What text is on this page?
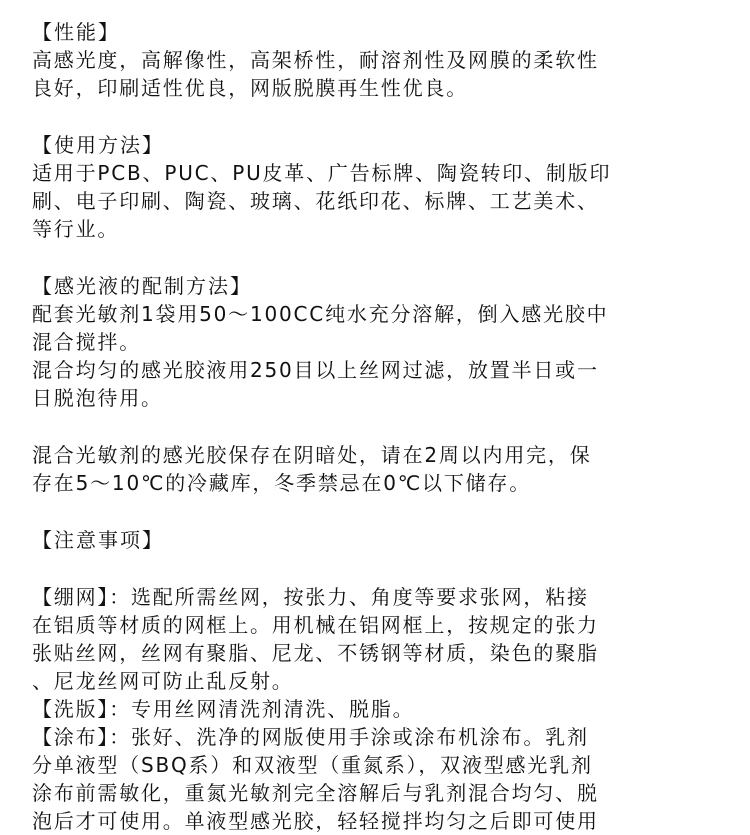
【性能】
高感光度，高解像性，高架桥性，耐溶剂性及网膜的柔软性
良好，印刷适性优良，网版脱膜再生性优良。
【使用方法】
适用于PCB、PUC、PU皮革、广告标牌、陶瓷转印、制版印
刷、电子印刷、陶瓷、玻璃、花纸印花、标牌、工艺美术、
等行业。
【感光液的配制方法】
配套光敏剂1袋用50～100CC纯水充分溶解，倒入感光胶中
混合搅拌。
混合均匀的感光胶液用250目以上丝网过滤，放置半日或一
日脱泡待用。
混合光敏剂的感光胶保存在阴暗处，请在2周以内用完，保
存在5～10℃的冷藏库，冬季禁忌在0℃以下储存。
【注意事项】
【绷网】：选配所需丝网，按张力、角度等要求张网，粘接
在铝质等材质的网框上。用机械在铝网框上，按规定的张力
张贴丝网，丝网有聚脂、尼龙、不锈钢等材质，染色的聚脂
、尼龙丝网可防止乱反射。
【洗版】：专用丝网清洗剂清洗、脱脂。
【涂布】：张好、洗净的网版使用手涂或涂布机涂布。乳剂
分单液型（SBQ系）和双液型（重氮系），双液型感光乳剂
涂布前需敏化，重氮光敏剂完全溶解后与乳剂混合均匀、脱
泡后才可使用。单液型感光胶，轻轻搅拌均匀之后即可使用
